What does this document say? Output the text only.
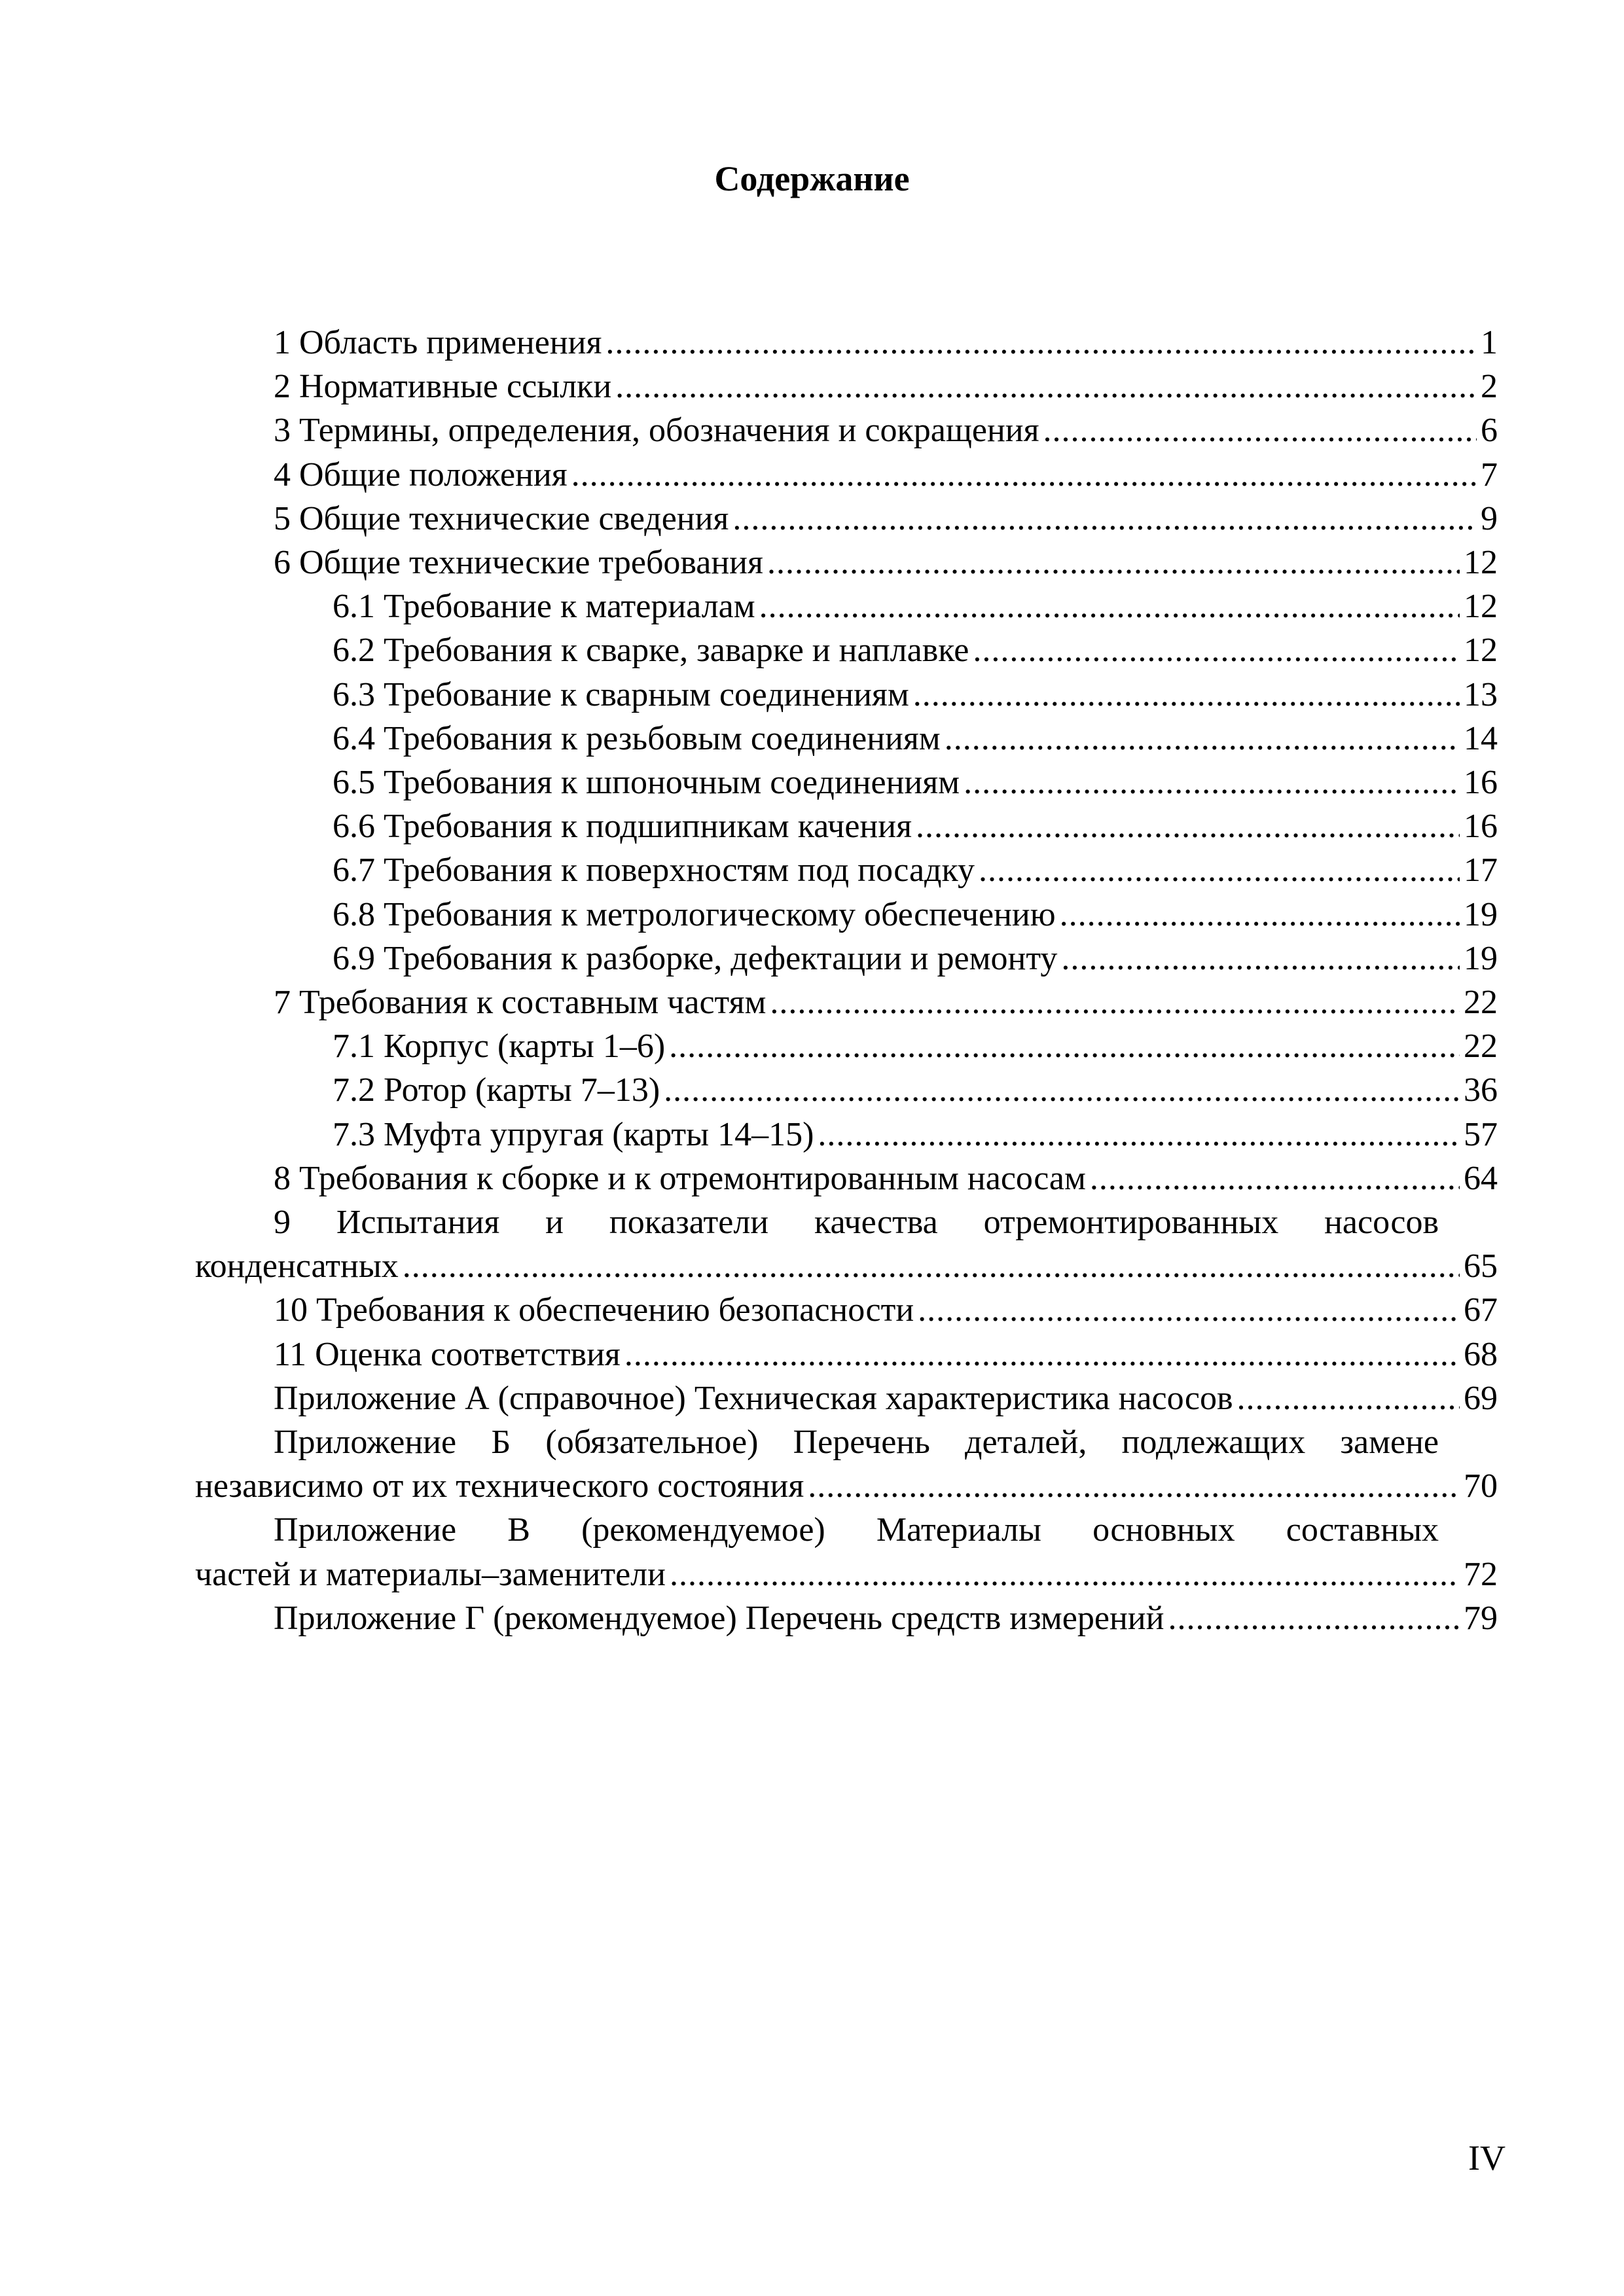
Содержание
1 Область применения .....	1
2 Нормативные ссылки .....	2
3 Термины, определения, обозначения и сокращения .....	6
4 Общие положения .....	7
5 Общие технические сведения .....	9
6 Общие технические требования .....	12
6.1 Требование к материалам .....	12
6.2 Требования к сварке, заварке и наплавке .....	12
6.3 Требование к сварным соединениям .....	13
6.4 Требования к резьбовым соединениям .....	14
6.5 Требования к шпоночным соединениям .....	16
6.6 Требования к подшипникам качения .....	16
6.7 Требования к поверхностям под посадку .....	17
6.8 Требования к метрологическому обеспечению .....	19
6.9 Требования к разборке, дефектации и ремонту .....	19
7 Требования к составным частям .....	22
7.1 Корпус (карты 1–6) .....	22
7.2 Ротор (карты 7–13) .....	36
7.3 Муфта упругая (карты 14–15) .....	57
8 Требования к сборке и к отремонтированным насосам .....	64
9 Испытания и показатели качества отремонтированных насосов
конденсатных .....	65
10 Требования к обеспечению безопасности .....	67
11 Оценка соответствия .....	68
Приложение А (справочное) Техническая характеристика насосов .....	69
Приложение Б (обязательное) Перечень деталей, подлежащих замене
независимо от их технического состояния .....	70
Приложение В (рекомендуемое) Материалы основных составных
частей и материалы–заменители .....	72
Приложение Г (рекомендуемое) Перечень средств измерений .....	79
IV
